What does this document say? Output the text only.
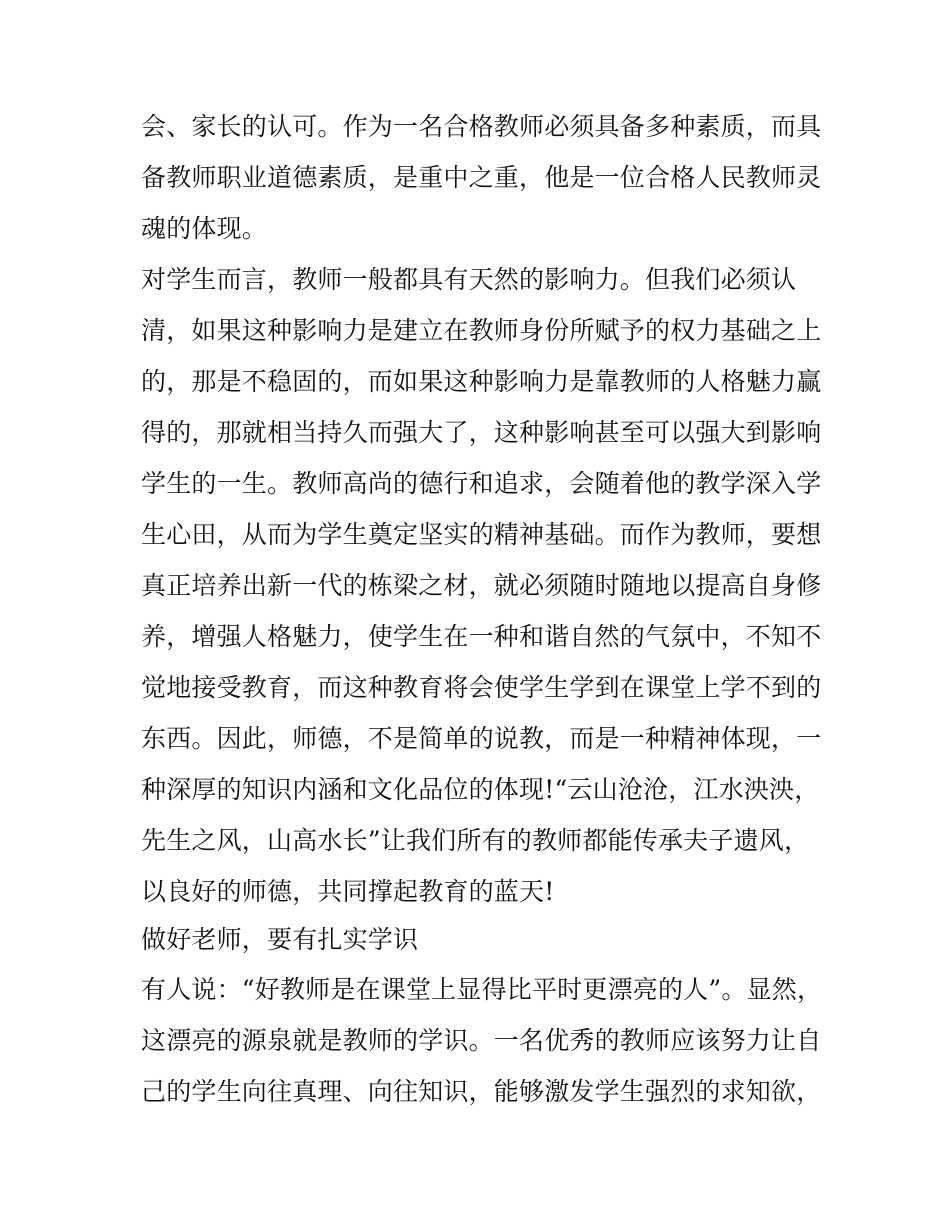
会、家长的认可。作为一名合格教师必须具备多种素质，而具
备教师职业道德素质，是重中之重，他是一位合格人民教师灵
魂的体现。
对学生而言，教师一般都具有天然的影响力。但我们必须认
清，如果这种影响力是建立在教师身份所赋予的权力基础之上
的，那是不稳固的，而如果这种影响力是靠教师的人格魅力赢
得的，那就相当持久而强大了，这种影响甚至可以强大到影响
学生的一生。教师高尚的德行和追求，会随着他的教学深入学
生心田，从而为学生奠定坚实的精神基础。而作为教师，要想
真正培养出新一代的栋梁之材，就必须随时随地以提高自身修
养，增强人格魅力，使学生在一种和谐自然的气氛中，不知不
觉地接受教育，而这种教育将会使学生学到在课堂上学不到的
东西。因此，师德，不是简单的说教，而是一种精神体现，一
种深厚的知识内涵和文化品位的体现!“云山沧沧，江水泱泱，
先生之风，山高水长”让我们所有的教师都能传承夫子遗风，
以良好的师德，共同撑起教育的蓝天!
做好老师，要有扎实学识
有人说：“好教师是在课堂上显得比平时更漂亮的人”。显然，
这漂亮的源泉就是教师的学识。一名优秀的教师应该努力让自
己的学生向往真理、向往知识，能够激发学生强烈的求知欲，
